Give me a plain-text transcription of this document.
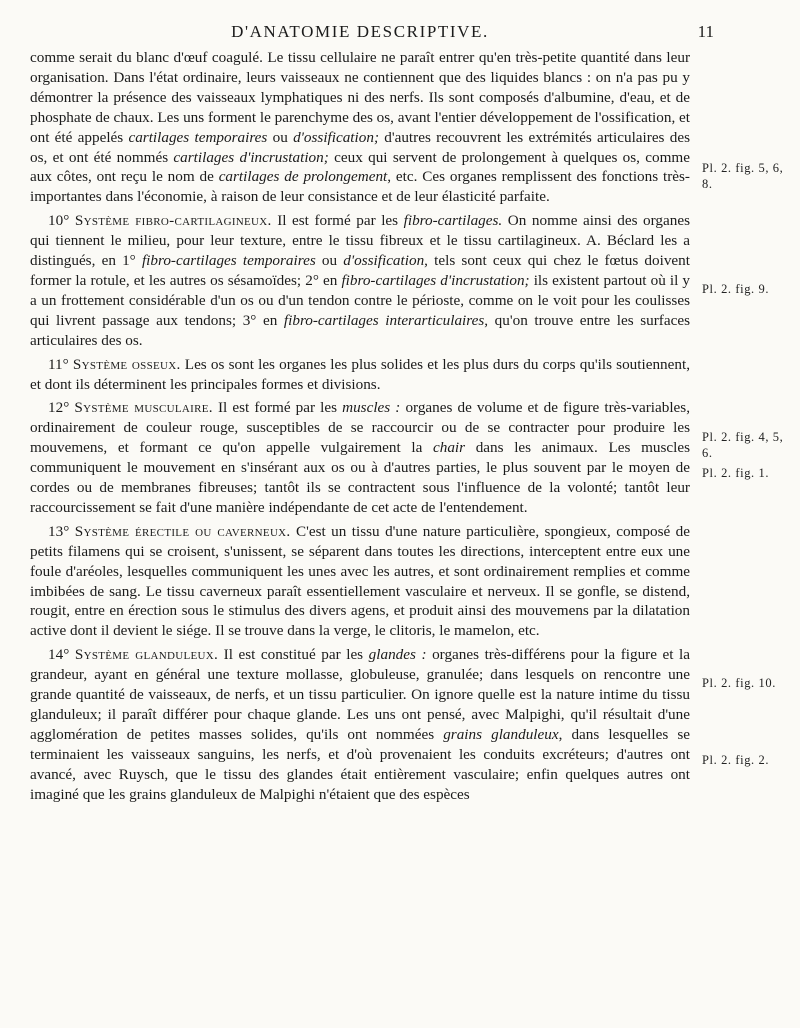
D'ANATOMIE DESCRIPTIVE.	11

comme serait du blanc d'œuf coagulé. Le tissu cellulaire ne paraît entrer qu'en très-petite quantité dans leur organisation. Dans l'état ordinaire, leurs vaisseaux ne contiennent que des liquides blancs : on n'a pas pu y démontrer la présence des vaisseaux lymphatiques ni des nerfs. Ils sont composés d'albumine, d'eau, et de phosphate de chaux. Les uns forment le parenchyme des os, avant l'entier développement de l'ossification, et ont été appelés cartilages temporaires ou d'ossification; d'autres recouvrent les extrémités articulaires des os, et ont été nommés cartilages d'incrustation; ceux qui servent de prolongement à quelques os, comme aux côtes, ont reçu le nom de cartilages de prolongement, etc. Ces organes remplissent des fonctions très-importantes dans l'économie, à raison de leur consistance et de leur élasticité parfaite.

10° Système fibro-cartilagineux. Il est formé par les fibro-cartilages. On nomme ainsi des organes qui tiennent le milieu, pour leur texture, entre le tissu fibreux et le tissu cartilagineux. A. Béclard les a distingués, en 1° fibro-cartilages temporaires ou d'ossification, tels sont ceux qui chez le fœtus doivent former la rotule, et les autres os sésamoïdes; 2° en fibro-cartilages d'incrustation; ils existent partout où il y a un frottement considérable d'un os ou d'un tendon contre le périoste, comme on le voit pour les coulisses qui livrent passage aux tendons; 3° en fibro-cartilages interarticulaires, qu'on trouve entre les surfaces articulaires des os.

11° Système osseux. Les os sont les organes les plus solides et les plus durs du corps qu'ils soutiennent, et dont ils déterminent les principales formes et divisions.

12° Système musculaire. Il est formé par les muscles : organes de volume et de figure très-variables, ordinairement de couleur rouge, susceptibles de se raccourcir ou de se contracter pour produire les mouvemens, et formant ce qu'on appelle vulgairement la chair dans les animaux. Les muscles communiquent le mouvement en s'insérant aux os ou à d'autres parties, le plus souvent par le moyen de cordes ou de membranes fibreuses; tantôt ils se contractent sous l'influence de la volonté; tantôt leur raccourcissement se fait d'une manière indépendante de cet acte de l'entendement.

13° Système érectile ou caverneux. C'est un tissu d'une nature particulière, spongieux, composé de petits filamens qui se croisent, s'unissent, se séparent dans toutes les directions, interceptent entre eux une foule d'aréoles, lesquelles communiquent les unes avec les autres, et sont ordinairement remplies et comme imbibées de sang. Le tissu caverneux paraît essentiellement vasculaire et nerveux. Il se gonfle, se distend, rougit, entre en érection sous le stimulus des divers agens, et produit ainsi des mouvemens par la dilatation active dont il devient le siége. Il se trouve dans la verge, le clitoris, le mamelon, etc.

14° Système glanduleux. Il est constitué par les glandes : organes très-différens pour la figure et la grandeur, ayant en général une texture mollasse, globuleuse, granulée; dans lesquels on rencontre une grande quantité de vaisseaux, de nerfs, et un tissu particulier. On ignore quelle est la nature intime du tissu glanduleux; il paraît différer pour chaque glande. Les uns ont pensé, avec Malpighi, qu'il résultait d'une agglomération de petites masses solides, qu'ils ont nommées grains glanduleux, dans lesquelles se terminaient les vaisseaux sanguins, les nerfs, et d'où provenaient les conduits excréteurs; d'autres ont avancé, avec Ruysch, que le tissu des glandes était entièrement vasculaire; enfin quelques autres ont imaginé que les grains glanduleux de Malpighi n'étaient que des espèces

Pl. 2. fig. 5, 6, 8.
Pl. 2. fig. 9.
Pl. 2. fig. 4, 5, 6.
Pl. 2. fig. 1.
Pl. 2. fig. 10.
Pl. 2. fig. 2.
